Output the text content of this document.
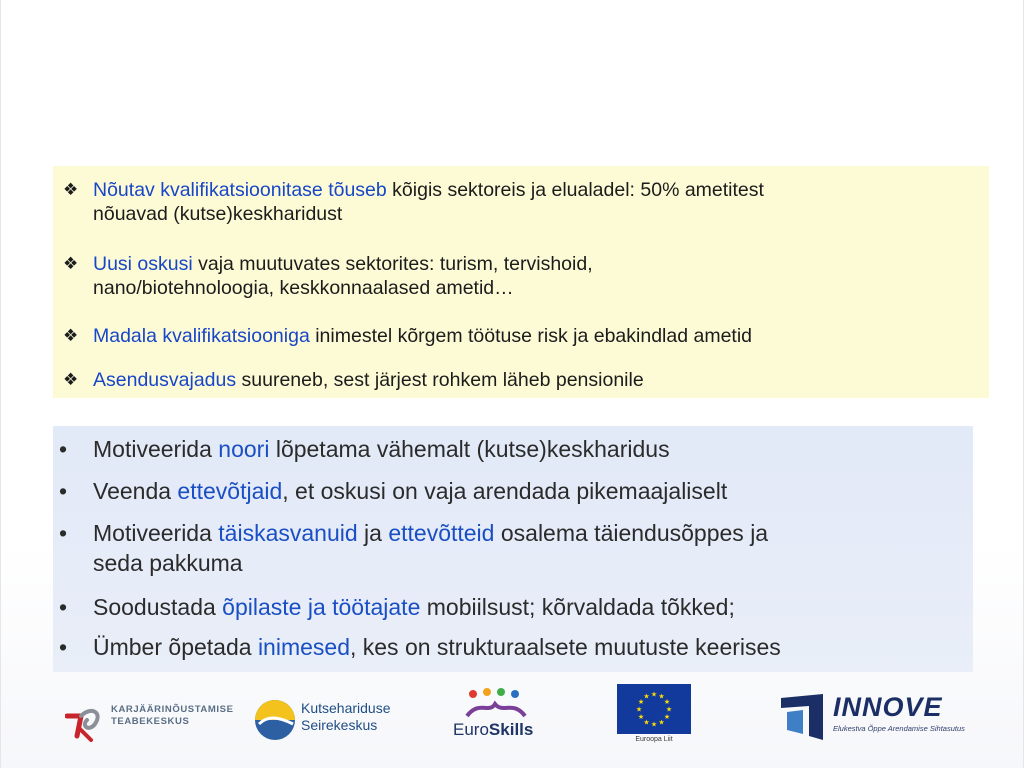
❖ Nõutav kvalifikatsioonitase tõuseb kõigis sektoreis ja elualadel: 50% ametitest
nõuavad (kutse)keskharidust
❖ Uusi oskusi vaja muutuvates sektorites: turism, tervishoid,
nano/biotehnoloogia, keskkonnaalased ametid…
❖ Madala kvalifikatsiooniga inimestel kõrgem töötuse risk ja ebakindlad ametid
❖ Asendusvajadus suureneb, sest järjest rohkem läheb pensionile
•	Motiveerida noori lõpetama vähemalt (kutse)keskharidus
•	Veenda ettevõtjaid, et oskusi on vaja arendada pikemaajaliselt
•	Motiveerida täiskasvanuid ja ettevõtteid osalema täiendusõppes ja
seda pakkuma
•	Soodustada õpilaste ja töötajate mobiilsust; kõrvaldada tõkked;
•	Ümber õpetada inimesed, kes on strukturaalsete muutuste keerises
KARJÄÄRINÕUSTAMISE
TEABEKESKUS
Kutsehariduse
Seirekeskus	EuroSkills
★
★
★
★
★
★
★
★
★ ★ ★
★
Euroopa Liit
INNOVE
Elukestva Õppe Arendamise Sihtasutus
